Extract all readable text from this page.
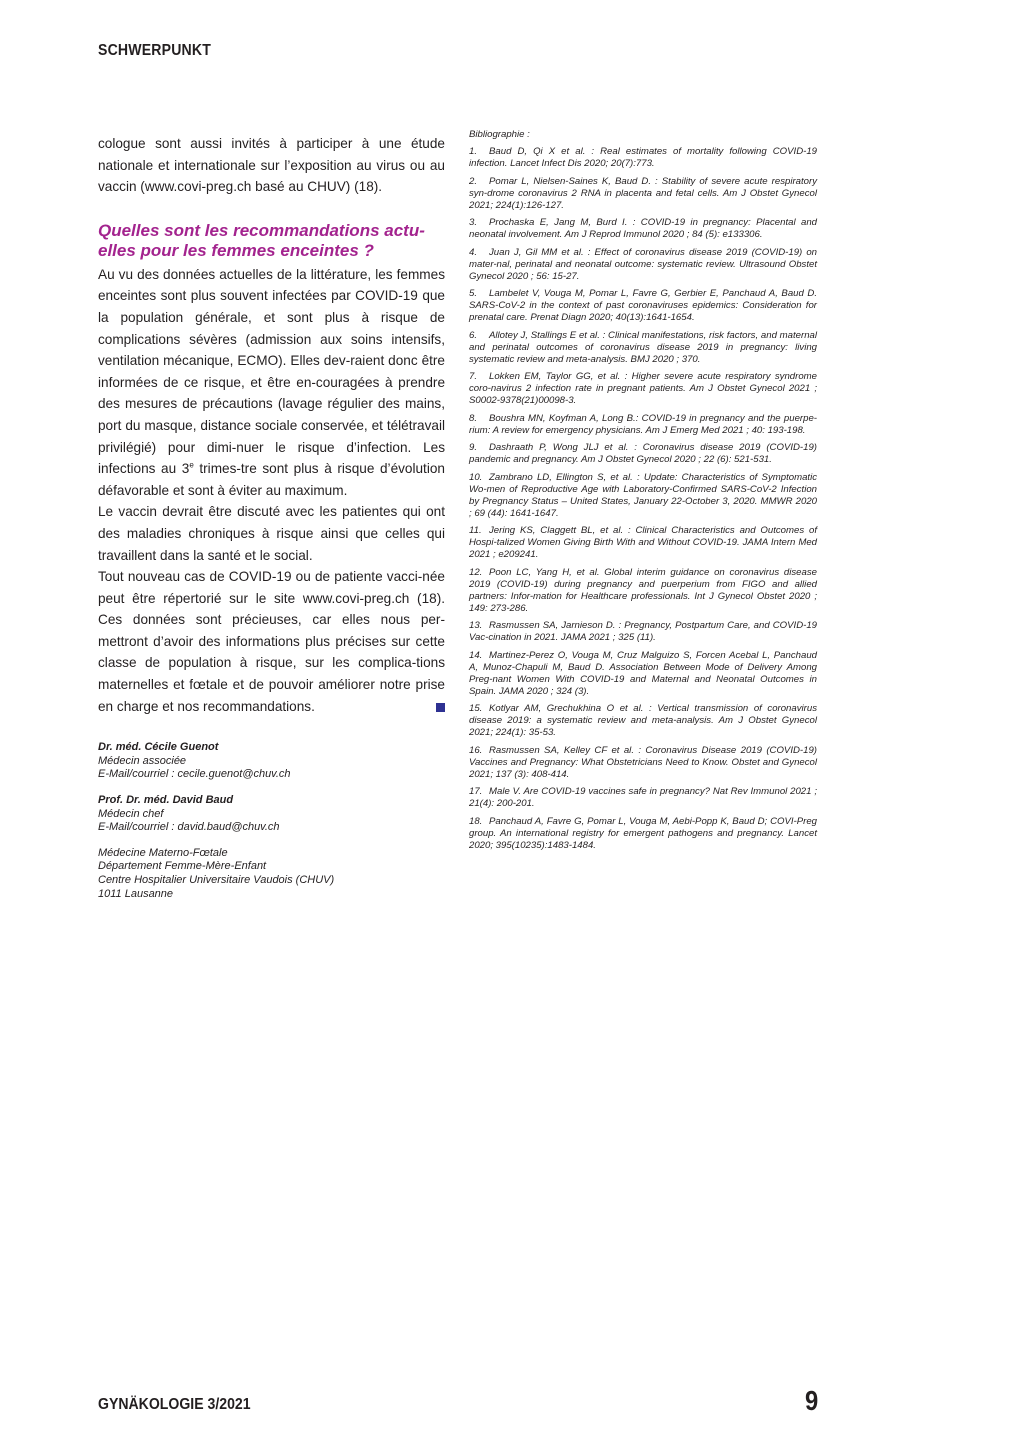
SCHWERPUNKT

cologue sont aussi invités à participer à une étude nationale et internationale sur l’exposition au virus ou au vaccin (www.covi-preg.ch basé au CHUV) (18).

Quelles sont les recommandations actu-elles pour les femmes enceintes ?

Au vu des données actuelles de la littérature, les femmes enceintes sont plus souvent infectées par COVID-19 que la population générale, et sont plus à risque de complications sévères (admission aux soins intensifs, ventilation mécanique, ECMO). Elles dev-raient donc être informées de ce risque, et être en-couragées à prendre des mesures de précautions (lavage régulier des mains, port du masque, distance sociale conservée, et télétravail privilégié) pour dimi-nuer le risque d’infection. Les infections au 3e trimes-tre sont plus à risque d’évolution défavorable et sont à éviter au maximum.

Le vaccin devrait être discuté avec les patientes qui ont des maladies chroniques à risque ainsi que celles qui travaillent dans la santé et le social.

Tout nouveau cas de COVID-19 ou de patiente vacci-née peut être répertorié sur le site www.covi-preg.ch (18). Ces données sont précieuses, car elles nous per-mettront d’avoir des informations plus précises sur cette classe de population à risque, sur les complica-tions maternelles et fœtale et de pouvoir améliorer notre prise en charge et nos recommandations.

Dr. méd. Cécile Guenot

Médecin associée

E-Mail/courriel : cecile.guenot@chuv.ch

Prof. Dr. méd. David Baud

Médecin chef

E-Mail/courriel : david.baud@chuv.ch

Médecine Materno-Fœtale

Département Femme-Mère-Enfant

Centre Hospitalier Universitaire Vaudois (CHUV)

1011 Lausanne

Bibliographie :

1. Baud D, Qi X et al. : Real estimates of mortality following COVID-19 infection. Lancet Infect Dis 2020; 20(7):773.

2. Pomar L, Nielsen-Saines K, Baud D. : Stability of severe acute respiratory syn-drome coronavirus 2 RNA in placenta and fetal cells. Am J Obstet Gynecol 2021; 224(1):126-127.

3. Prochaska E, Jang M, Burd I. : COVID-19 in pregnancy: Placental and neonatal involvement. Am J Reprod Immunol 2020 ; 84 (5): e133306.

4. Juan J, Gil MM et al. : Effect of coronavirus disease 2019 (COVID-19) on mater-nal, perinatal and neonatal outcome: systematic review. Ultrasound Obstet Gynecol 2020 ; 56: 15-27.

5. Lambelet V, Vouga M, Pomar L, Favre G, Gerbier E, Panchaud A, Baud D. SARS-CoV-2 in the context of past coronaviruses epidemics: Consideration for prenatal care. Prenat Diagn 2020; 40(13):1641-1654.

6. Allotey J, Stallings E et al. : Clinical manifestations, risk factors, and maternal and perinatal outcomes of coronavirus disease 2019 in pregnancy: living systematic review and meta-analysis. BMJ 2020 ; 370.

7. Lokken EM, Taylor GG, et al. : Higher severe acute respiratory syndrome coro-navirus 2 infection rate in pregnant patients. Am J Obstet Gynecol 2021 ; S0002-9378(21)00098-3.

8. Boushra MN, Koyfman A, Long B.: COVID-19 in pregnancy and the puerpe-rium: A review for emergency physicians. Am J Emerg Med 2021 ; 40: 193-198.

9. Dashraath P, Wong JLJ et al. : Coronavirus disease 2019 (COVID-19) pandemic and pregnancy. Am J Obstet Gynecol 2020 ; 22 (6): 521-531.

10. Zambrano LD, Ellington S, et al. : Update: Characteristics of Symptomatic Wo-men of Reproductive Age with Laboratory-Confirmed SARS-CoV-2 Infection by Pregnancy Status – United States, January 22-October 3, 2020. MMWR 2020 ; 69 (44): 1641-1647.

11. Jering KS, Claggett BL, et al. : Clinical Characteristics and Outcomes of Hospi-talized Women Giving Birth With and Without COVID-19. JAMA Intern Med 2021 ; e209241.

12. Poon LC, Yang H, et al. Global interim guidance on coronavirus disease 2019 (COVID-19) during pregnancy and puerperium from FIGO and allied partners: Infor-mation for Healthcare professionals. Int J Gynecol Obstet 2020 ; 149: 273-286.

13. Rasmussen SA, Jarnieson D. : Pregnancy, Postpartum Care, and COVID-19 Vac-cination in 2021. JAMA 2021 ; 325 (11).

14. Martinez-Perez O, Vouga M, Cruz Malguizo S, Forcen Acebal L, Panchaud A, Munoz-Chapuli M, Baud D. Association Between Mode of Delivery Among Preg-nant Women With COVID-19 and Maternal and Neonatal Outcomes in Spain. JAMA 2020 ; 324 (3).

15. Kotlyar AM, Grechukhina O et al. : Vertical transmission of coronavirus disease 2019: a systematic review and meta-analysis. Am J Obstet Gynecol 2021; 224(1): 35-53.

16. Rasmussen SA, Kelley CF et al. : Coronavirus Disease 2019 (COVID-19) Vaccines and Pregnancy: What Obstetricians Need to Know. Obstet and Gynecol 2021; 137 (3): 408-414.

17. Male V. Are COVID-19 vaccines safe in pregnancy? Nat Rev Immunol 2021 ; 21(4): 200-201.

18. Panchaud A, Favre G, Pomar L, Vouga M, Aebi-Popp K, Baud D; COVI-Preg group. An international registry for emergent pathogens and pregnancy. Lancet 2020; 395(10235):1483-1484.

GYNÄKOLOGIE 3/2021	9
